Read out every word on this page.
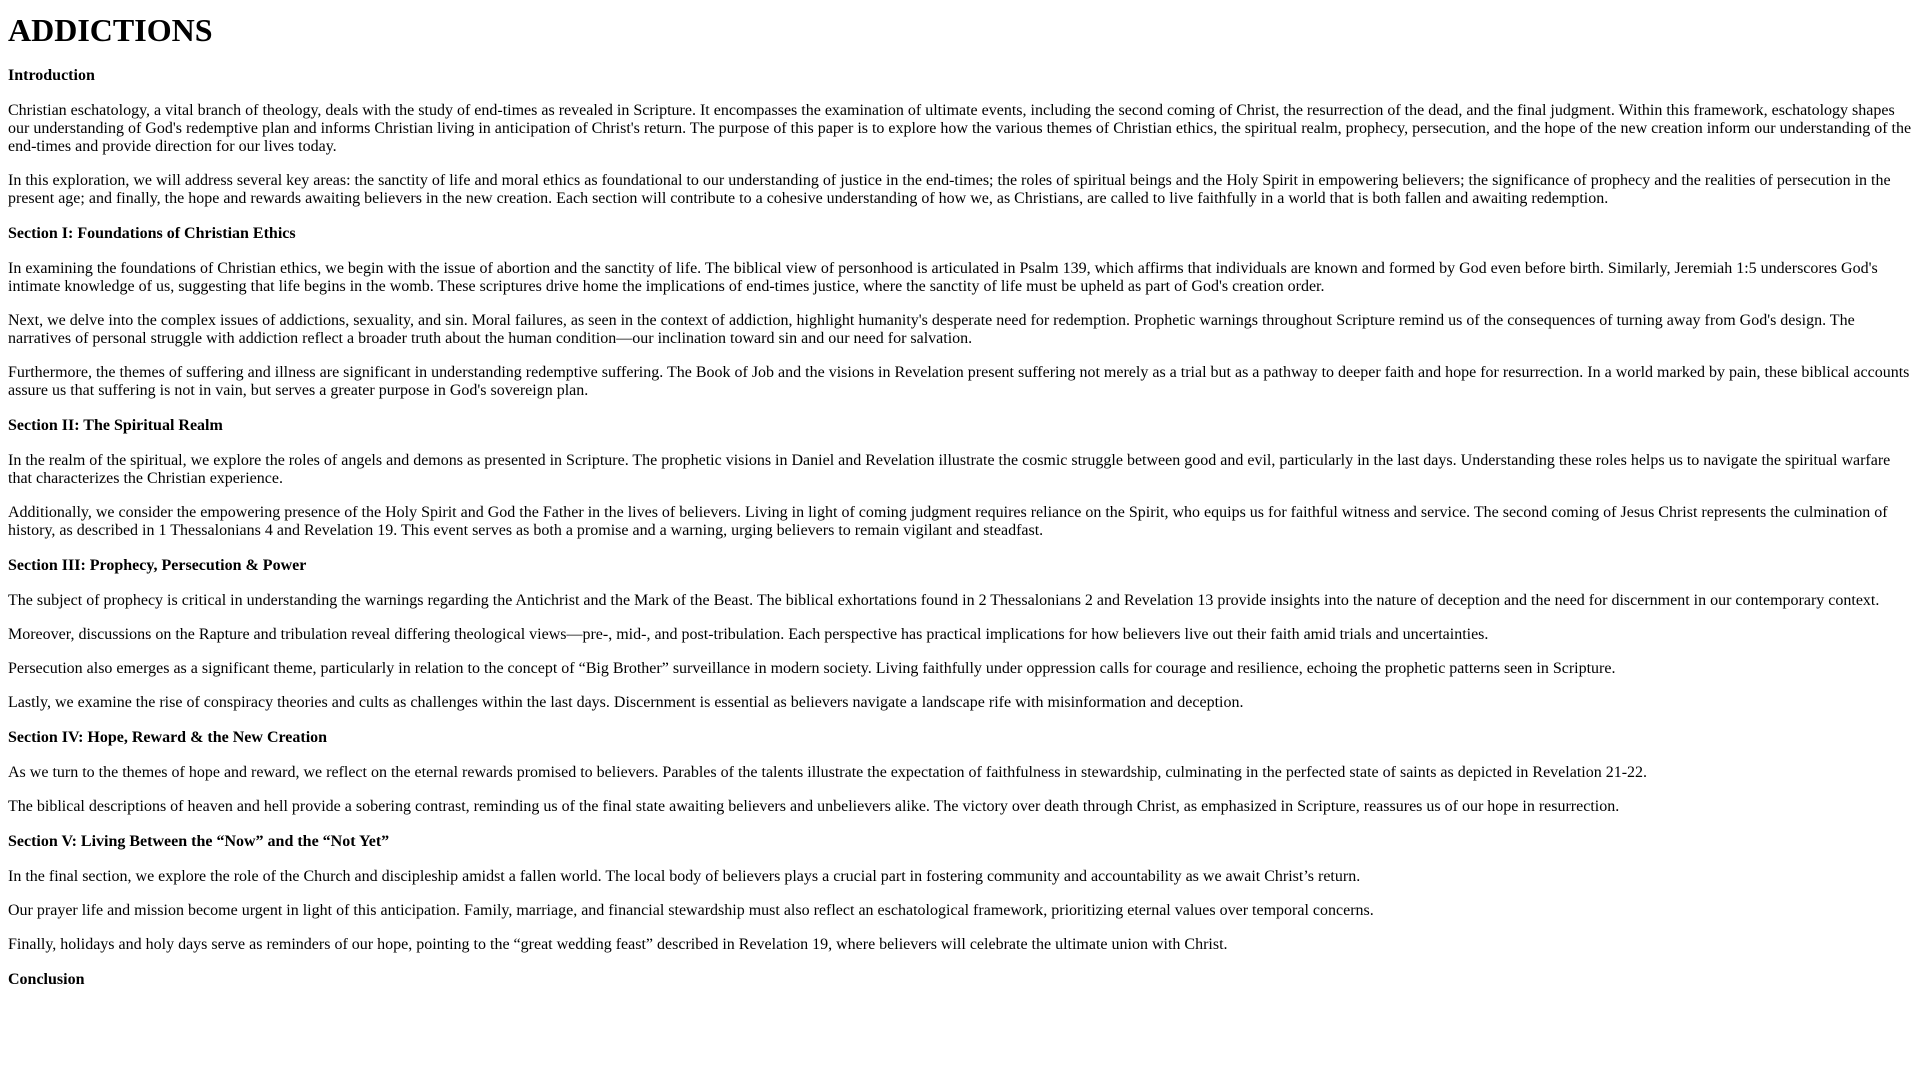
ADDICTIONS
Introduction

Christian eschatology, a vital branch of theology, deals with the study of end-times as revealed in Scripture. It encompasses the examination of ultimate events, including the second coming of Christ, the resurrection of the dead, and the final judgment. Within this framework, eschatology shapes our understanding of God's redemptive plan and informs Christian living in anticipation of Christ's return. The purpose of this paper is to explore how the various themes of Christian ethics, the spiritual realm, prophecy, persecution, and the hope of the new creation inform our understanding of the end-times and provide direction for our lives today.

In this exploration, we will address several key areas: the sanctity of life and moral ethics as foundational to our understanding of justice in the end-times; the roles of spiritual beings and the Holy Spirit in empowering believers; the significance of prophecy and the realities of persecution in the present age; and finally, the hope and rewards awaiting believers in the new creation. Each section will contribute to a cohesive understanding of how we, as Christians, are called to live faithfully in a world that is both fallen and awaiting redemption.

Section I: Foundations of Christian Ethics

In examining the foundations of Christian ethics, we begin with the issue of abortion and the sanctity of life. The biblical view of personhood is articulated in Psalm 139, which affirms that individuals are known and formed by God even before birth. Similarly, Jeremiah 1:5 underscores God's intimate knowledge of us, suggesting that life begins in the womb. These scriptures drive home the implications of end-times justice, where the sanctity of life must be upheld as part of God's creation order.

Next, we delve into the complex issues of addictions, sexuality, and sin. Moral failures, as seen in the context of addiction, highlight humanity's desperate need for redemption. Prophetic warnings throughout Scripture remind us of the consequences of turning away from God's design. The narratives of personal struggle with addiction reflect a broader truth about the human condition—our inclination toward sin and our need for salvation.

Furthermore, the themes of suffering and illness are significant in understanding redemptive suffering. The Book of Job and the visions in Revelation present suffering not merely as a trial but as a pathway to deeper faith and hope for resurrection. In a world marked by pain, these biblical accounts assure us that suffering is not in vain, but serves a greater purpose in God's sovereign plan.

Section II: The Spiritual Realm

In the realm of the spiritual, we explore the roles of angels and demons as presented in Scripture. The prophetic visions in Daniel and Revelation illustrate the cosmic struggle between good and evil, particularly in the last days. Understanding these roles helps us to navigate the spiritual warfare that characterizes the Christian experience.

Additionally, we consider the empowering presence of the Holy Spirit and God the Father in the lives of believers. Living in light of coming judgment requires reliance on the Spirit, who equips us for faithful witness and service. The second coming of Jesus Christ represents the culmination of history, as described in 1 Thessalonians 4 and Revelation 19. This event serves as both a promise and a warning, urging believers to remain vigilant and steadfast.

Section III: Prophecy, Persecution & Power

The subject of prophecy is critical in understanding the warnings regarding the Antichrist and the Mark of the Beast. The biblical exhortations found in 2 Thessalonians 2 and Revelation 13 provide insights into the nature of deception and the need for discernment in our contemporary context.

Moreover, discussions on the Rapture and tribulation reveal differing theological views—pre-, mid-, and post-tribulation. Each perspective has practical implications for how believers live out their faith amid trials and uncertainties.

Persecution also emerges as a significant theme, particularly in relation to the concept of “Big Brother” surveillance in modern society. Living faithfully under oppression calls for courage and resilience, echoing the prophetic patterns seen in Scripture.

Lastly, we examine the rise of conspiracy theories and cults as challenges within the last days. Discernment is essential as believers navigate a landscape rife with misinformation and deception.

Section IV: Hope, Reward & the New Creation

As we turn to the themes of hope and reward, we reflect on the eternal rewards promised to believers. Parables of the talents illustrate the expectation of faithfulness in stewardship, culminating in the perfected state of saints as depicted in Revelation 21-22.

The biblical descriptions of heaven and hell provide a sobering contrast, reminding us of the final state awaiting believers and unbelievers alike. The victory over death through Christ, as emphasized in Scripture, reassures us of our hope in resurrection.

Section V: Living Between the “Now” and the “Not Yet”

In the final section, we explore the role of the Church and discipleship amidst a fallen world. The local body of believers plays a crucial part in fostering community and accountability as we await Christ’s return.

Our prayer life and mission become urgent in light of this anticipation. Family, marriage, and financial stewardship must also reflect an eschatological framework, prioritizing eternal values over temporal concerns.

Finally, holidays and holy days serve as reminders of our hope, pointing to the “great wedding feast” described in Revelation 19, where believers will celebrate the ultimate union with Christ.

Conclusion
